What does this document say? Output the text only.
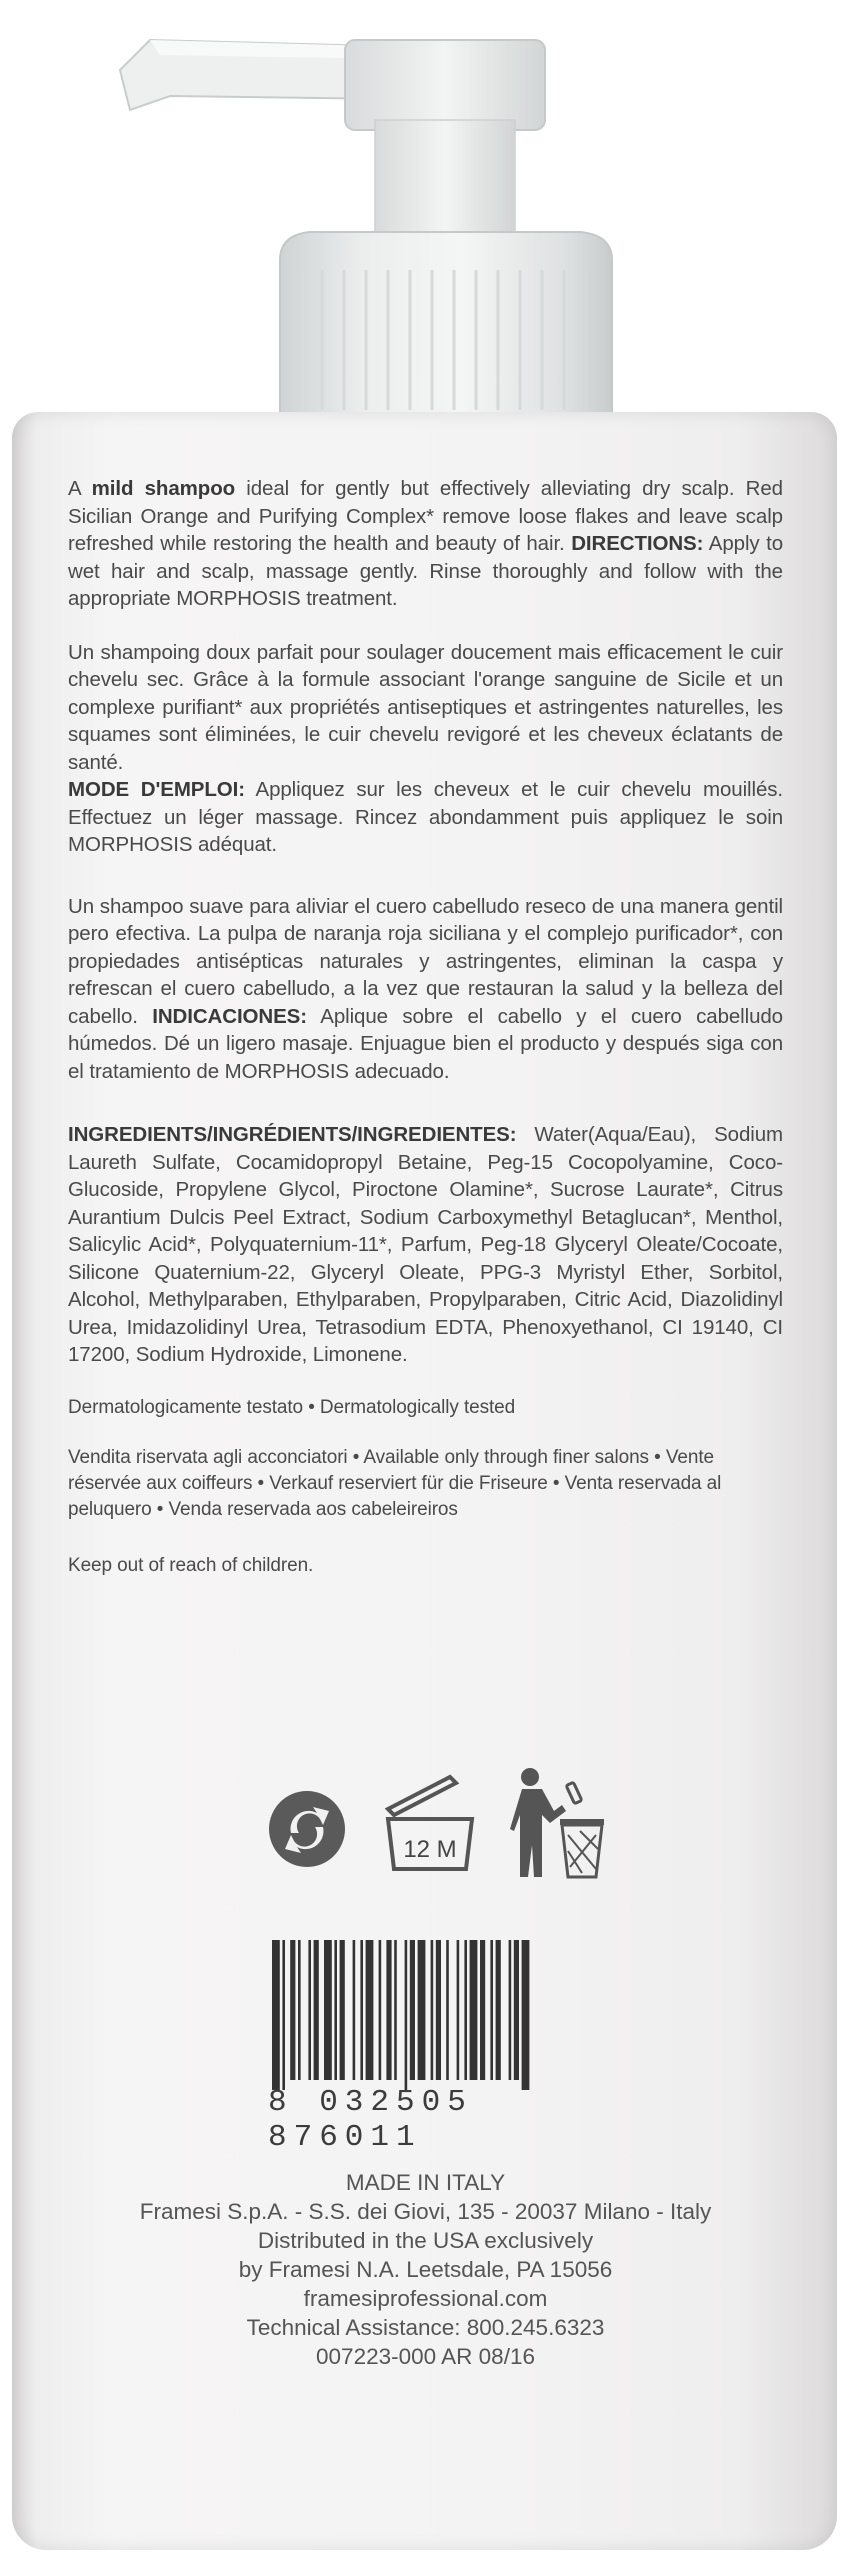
A mild shampoo ideal for gently but effectively alleviating dry scalp. Red Sicilian Orange and Purifying Complex* remove loose flakes and leave scalp refreshed while restoring the health and beauty of hair. DIRECTIONS: Apply to wet hair and scalp, massage gently. Rinse thoroughly and follow with the appropriate MORPHOSIS treatment.

Un shampoing doux parfait pour soulager doucement mais efficacement le cuir chevelu sec. Grâce à la formule associant l'orange sanguine de Sicile et un complexe purifiant* aux propriétés antiseptiques et astringentes naturelles, les squames sont éliminées, le cuir chevelu revigoré et les cheveux éclatants de santé.
MODE D'EMPLOI: Appliquez sur les cheveux et le cuir chevelu mouillés. Effectuez un léger massage. Rincez abondamment puis appliquez le soin MORPHOSIS adéquat.

Un shampoo suave para aliviar el cuero cabelludo reseco de una manera gentil pero efectiva. La pulpa de naranja roja siciliana y el complejo purificador*, con propiedades antisépticas naturales y astringentes, eliminan la caspa y refrescan el cuero cabelludo, a la vez que restauran la salud y la belleza del cabello. INDICACIONES: Aplique sobre el cabello y el cuero cabelludo húmedos. Dé un ligero masaje. Enjuague bien el producto y después siga con el tratamiento de MORPHOSIS adecuado.

INGREDIENTS/INGRÉDIENTS/INGREDIENTES: Water(Aqua/Eau), Sodium Laureth Sulfate, Cocamidopropyl Betaine, Peg-15 Cocopolyamine, Coco-Glucoside, Propylene Glycol, Piroctone Olamine*, Sucrose Laurate*, Citrus Aurantium Dulcis Peel Extract, Sodium Carboxymethyl Betaglucan*, Menthol, Salicylic Acid*, Polyquaternium-11*, Parfum, Peg-18 Glyceryl Oleate/Cocoate, Silicone Quaternium-22, Glyceryl Oleate, PPG-3 Myristyl Ether, Sorbitol, Alcohol, Methylparaben, Ethylparaben, Propylparaben, Citric Acid, Diazolidinyl Urea, Imidazolidinyl Urea, Tetrasodium EDTA, Phenoxyethanol, CI 19140, CI 17200, Sodium Hydroxide, Limonene.

Dermatologicamente testato • Dermatologically tested

Vendita riservata agli acconciatori • Available only through finer salons • Vente réservée aux coiffeurs • Verkauf reserviert für die Friseure • Venta reservada al peluquero • Venda reservada aos cabeleireiros

Keep out of reach of children.

12 M
8 032505 876011
MADE IN ITALY
Framesi S.p.A. - S.S. dei Giovi, 135 - 20037 Milano - Italy
Distributed in the USA exclusively
by Framesi N.A. Leetsdale, PA 15056
framesiprofessional.com
Technical Assistance: 800.245.6323
007223-000 AR 08/16
